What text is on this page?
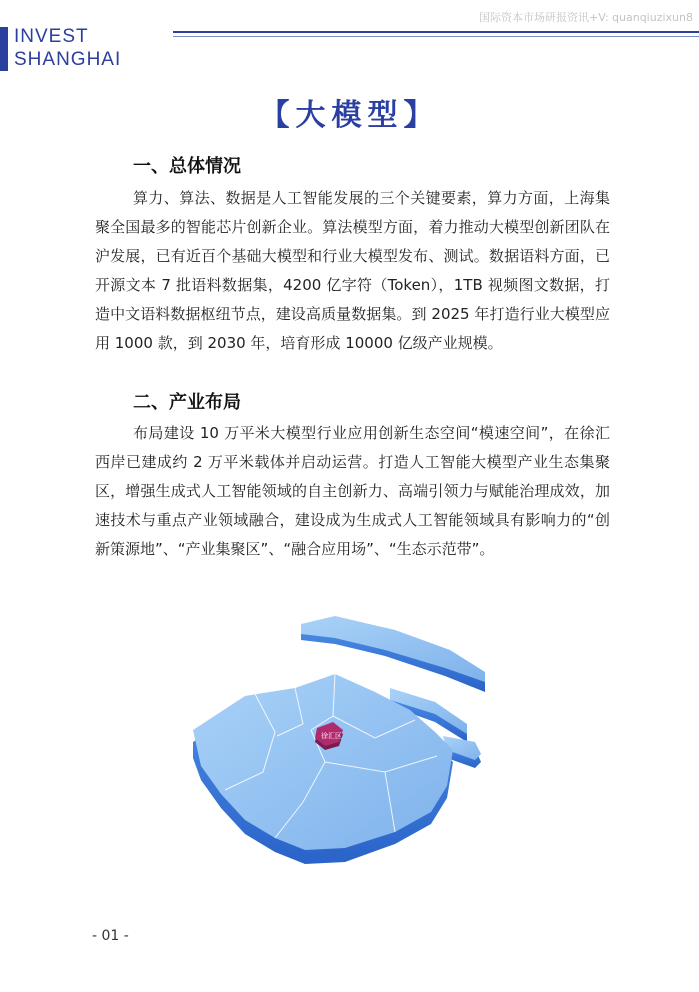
INVEST
SHANGHAI
国际资本市场研报资讯+V: quanqiuzixun8
【大模型】
一、总体情况

算力、算法、数据是人工智能发展的三个关键要素，算力方面，上海集聚全国最多的智能芯片创新企业。算法模型方面，着力推动大模型创新团队在沪发展，已有近百个基础大模型和行业大模型发布、测试。数据语料方面，已开源文本 7 批语料数据集，4200 亿字符（Token），1TB 视频图文数据，打造中文语料数据枢纽节点，建设高质量数据集。到 2025 年打造行业大模型应用 1000 款，到 2030 年，培育形成 10000 亿级产业规模。

二、产业布局

布局建设 10 万平米大模型行业应用创新生态空间“模速空间”，在徐汇西岸已建成约 2 万平米载体并启动运营。打造人工智能大模型产业生态集聚区，增强生成式人工智能领域的自主创新力、高端引领力与赋能治理成效，加速技术与重点产业领域融合，建设成为生成式人工智能领域具有影响力的“创新策源地”、“产业集聚区”、“融合应用场”、“生态示范带”。

徐汇区
- 01 -
